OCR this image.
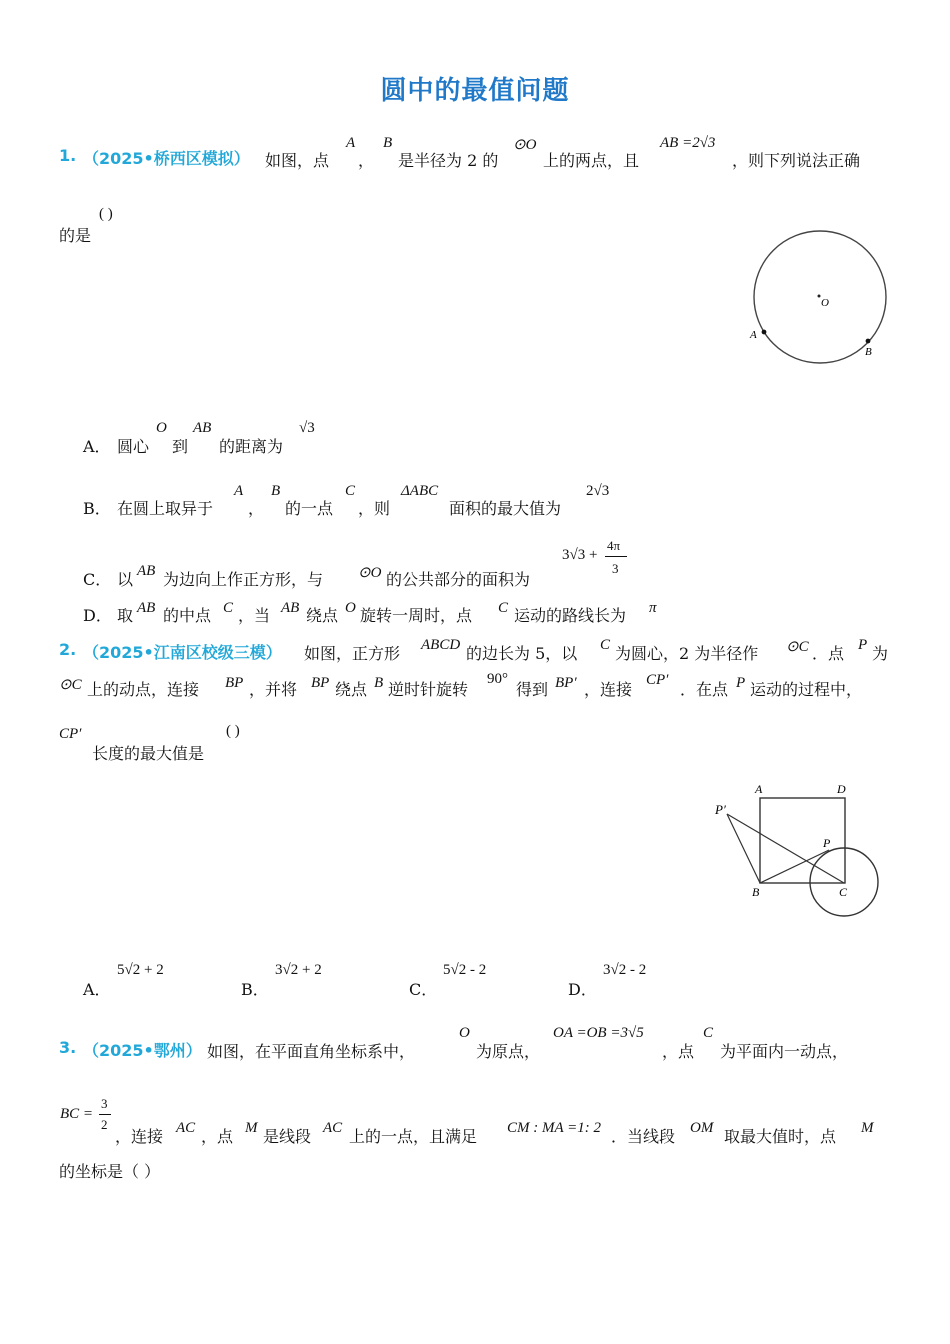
圆中的最值问题
1. （2025•桥西区模拟） 如图，点
A
，
B
是半径为 2 的
⊙O
上的两点，且
AB =2√3
，则下列说法正确
的是
( )
O
A
B
A． 圆心
O
到
AB
的距离为
√3
B． 在圆上取异于
A
，
B
的一点
C
，则
ΔABC
面积的最大值为
2√3
C． 以 AB 为边向上作正方形，与 ⊙O 的公共部分的面积为
3√3 +
4π
3
D． 取 AB 的中点 C ，当 AB 绕点 O 旋转一周时，点 C 运动的路线长为 π
2. （2025•江南区校级三模） 如图，正方形 ABCD 的边长为 5，以 C 为圆心，2 为半径作 ⊙C ．点 P 为
⊙C 上的动点，连接 BP ，并将 BP 绕点 B 逆时针旋转
90°
得到 BP′ ，连接 CP′ ．在点 P 运动的过程中，
CP′
长度的最大值是
( )
P′
A	D
P
B	C
A．
5√2 + 2
B．
3√2 + 2
C．
5√2 - 2
D．
3√2 - 2
3. （2025•鄂州） 如图，在平面直角坐标系中，
O
为原点，
OA =OB =3√5
，点
C
为平面内一动点，
BC =
3
2
，连接 AC ，点 M 是线段 AC 上的一点，且满足 CM : MA =1: 2 ．当线段 OM 取最大值时，点 M
的坐标是（ ）
